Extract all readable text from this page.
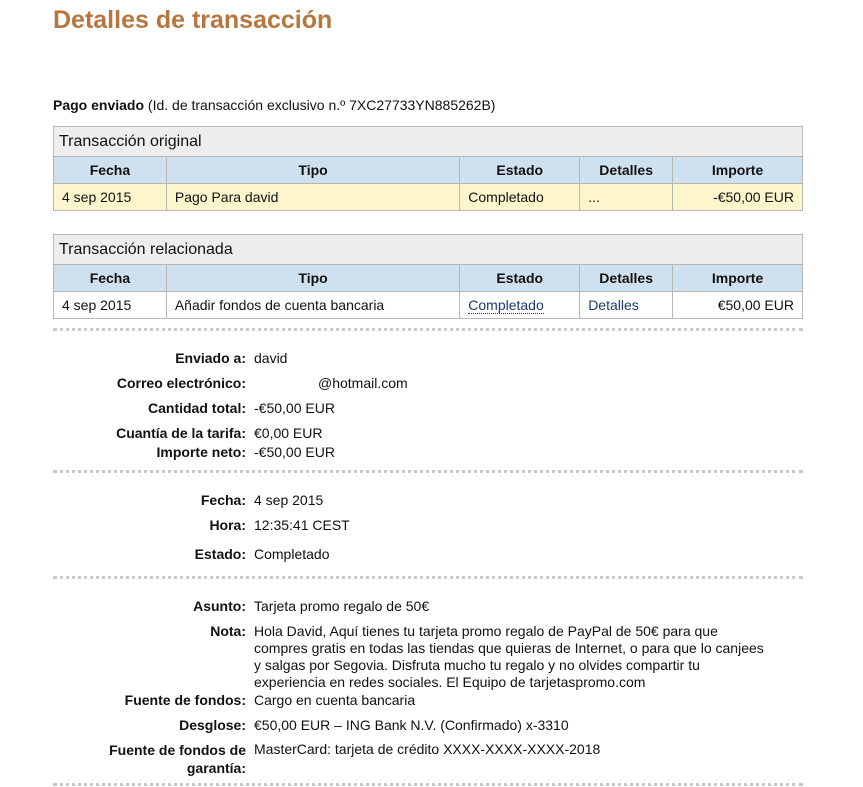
Detalles de transacción
Pago enviado (Id. de transacción exclusivo n.º 7XC27733YN885262B)
Transacción original				
Fecha	Tipo	Estado	Detalles	Importe
4 sep 2015	Pago Para david	Completado	...	-€50,00 EUR
Transacción relacionada				
Fecha	Tipo	Estado	Detalles	Importe
4 sep 2015	Añadir fondos de cuenta bancaria	Completado	Detalles	€50,00 EUR
Enviado a: david
Correo electrónico:	@hotmail.com
Cantidad total: -€50,00 EUR
Cuantía de la tarifa: €0,00 EUR
Importe neto: -€50,00 EUR
Fecha: 4 sep 2015
Hora: 12:35:41 CEST
Estado: Completado
Asunto: Tarjeta promo regalo de 50€
Nota: Hola David, Aquí tienes tu tarjeta promo regalo de PayPal de 50€ para que compres gratis en todas las tiendas que quieras de Internet, o para que lo canjees y salgas por Segovia. Disfruta mucho tu regalo y no olvides compartir tu experiencia en redes sociales. El Equipo de tarjetaspromo.com
Fuente de fondos: Cargo en cuenta bancaria
Desglose: €50,00 EUR – ING Bank N.V. (Confirmado) x-3310
Fuente de fondos de garantía:
MasterCard: tarjeta de crédito XXXX-XXXX-XXXX-2018
